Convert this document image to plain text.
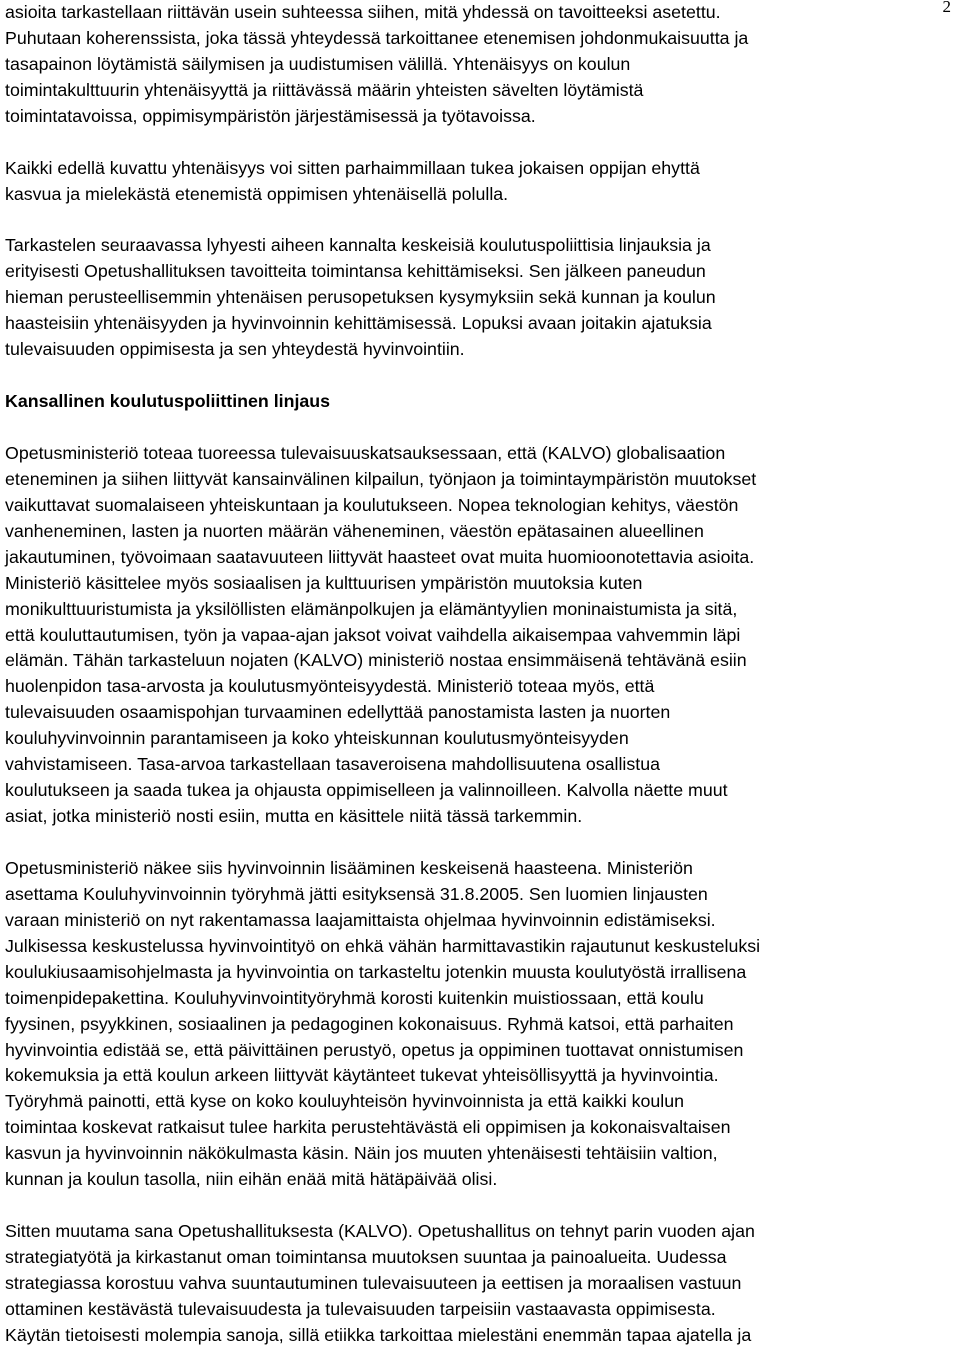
2
asioita tarkastellaan riittävän usein suhteessa siihen, mitä yhdessä on tavoitteeksi asetettu.
Puhutaan koherenssista, joka tässä yhteydessä tarkoittanee etenemisen johdonmukaisuutta ja
tasapainon löytämistä säilymisen ja uudistumisen välillä. Yhtenäisyys on koulun
toimintakulttuurin yhtenäisyyttä ja riittävässä määrin yhteisten sävelten löytämistä
toimintatavoissa, oppimisympäristön järjestämisessä ja työtavoissa.
Kaikki edellä kuvattu yhtenäisyys voi sitten parhaimmillaan tukea jokaisen oppijan ehyttä
kasvua ja mielekästä etenemistä oppimisen yhtenäisellä polulla.
Tarkastelen seuraavassa lyhyesti aiheen kannalta keskeisiä koulutuspoliittisia linjauksia ja
erityisesti Opetushallituksen tavoitteita toimintansa kehittämiseksi. Sen jälkeen paneudun
hieman perusteellisemmin yhtenäisen perusopetuksen kysymyksiin sekä kunnan ja koulun
haasteisiin yhtenäisyyden ja hyvinvoinnin kehittämisessä. Lopuksi avaan joitakin ajatuksia
tulevaisuuden oppimisesta ja sen yhteydestä hyvinvointiin.
Kansallinen koulutuspoliittinen linjaus
Opetusministeriö toteaa tuoreessa tulevaisuuskatsauksessaan, että (KALVO) globalisaation
eteneminen ja siihen liittyvät kansainvälinen kilpailun, työnjaon ja toimintaympäristön muutokset
vaikuttavat suomalaiseen yhteiskuntaan ja koulutukseen. Nopea teknologian kehitys, väestön
vanheneminen, lasten ja nuorten määrän väheneminen, väestön epätasainen alueellinen
jakautuminen, työvoimaan saatavuuteen liittyvät haasteet ovat muita huomioonotettavia asioita.
Ministeriö käsittelee myös sosiaalisen ja kulttuurisen ympäristön muutoksia kuten
monikulttuuristumista ja yksilöllisten elämänpolkujen ja elämäntyylien moninaistumista ja sitä,
että kouluttautumisen, työn ja vapaa-ajan jaksot voivat vaihdella aikaisempaa vahvemmin läpi
elämän. Tähän tarkasteluun nojaten (KALVO) ministeriö nostaa ensimmäisenä tehtävänä esiin
huolenpidon tasa-arvosta ja koulutusmyönteisyydestä. Ministeriö toteaa myös, että
tulevaisuuden osaamispohjan turvaaminen edellyttää panostamista lasten ja nuorten
kouluhyvinvoinnin parantamiseen ja koko yhteiskunnan koulutusmyönteisyyden
vahvistamiseen. Tasa-arvoa tarkastellaan tasaveroisena mahdollisuutena osallistua
koulutukseen ja saada tukea ja ohjausta oppimiselleen ja valinnoilleen. Kalvolla näette muut
asiat, jotka ministeriö nosti esiin, mutta en käsittele niitä tässä tarkemmin.
Opetusministeriö näkee siis hyvinvoinnin lisääminen keskeisenä haasteena. Ministeriön
asettama Kouluhyvinvoinnin työryhmä jätti esityksensä 31.8.2005. Sen luomien linjausten
varaan ministeriö on nyt rakentamassa laajamittaista ohjelmaa hyvinvoinnin edistämiseksi.
Julkisessa keskustelussa hyvinvointityö on ehkä vähän harmittavastikin rajautunut keskusteluksi
koulukiusaamisohjelmasta ja hyvinvointia on tarkasteltu jotenkin muusta koulutyöstä irrallisena
toimenpidepakettina. Kouluhyvinvointityöryhmä korosti kuitenkin muistiossaan, että koulu
fyysinen, psyykkinen, sosiaalinen ja pedagoginen kokonaisuus. Ryhmä katsoi, että parhaiten
hyvinvointia edistää se, että päivittäinen perustyö, opetus ja oppiminen tuottavat onnistumisen
kokemuksia ja että koulun arkeen liittyvät käytänteet tukevat yhteisöllisyyttä ja hyvinvointia.
Työryhmä painotti, että kyse on koko kouluyhteisön hyvinvoinnista ja että kaikki koulun
toimintaa koskevat ratkaisut tulee harkita perustehtävästä eli oppimisen ja kokonaisvaltaisen
kasvun ja hyvinvoinnin näkökulmasta käsin. Näin jos muuten yhtenäisesti tehtäisiin valtion,
kunnan ja koulun tasolla, niin eihän enää mitä hätäpäivää olisi.
Sitten muutama sana Opetushallituksesta (KALVO). Opetushallitus on tehnyt parin vuoden ajan
strategiatyötä ja kirkastanut oman toimintansa muutoksen suuntaa ja painoalueita. Uudessa
strategiassa korostuu vahva suuntautuminen tulevaisuuteen ja eettisen ja moraalisen vastuun
ottaminen kestävästä tulevaisuudesta ja tulevaisuuden tarpeisiin vastaavasta oppimisesta.
Käytän tietoisesti molempia sanoja, sillä etiikka tarkoittaa mielestäni enemmän tapaa ajatella ja
